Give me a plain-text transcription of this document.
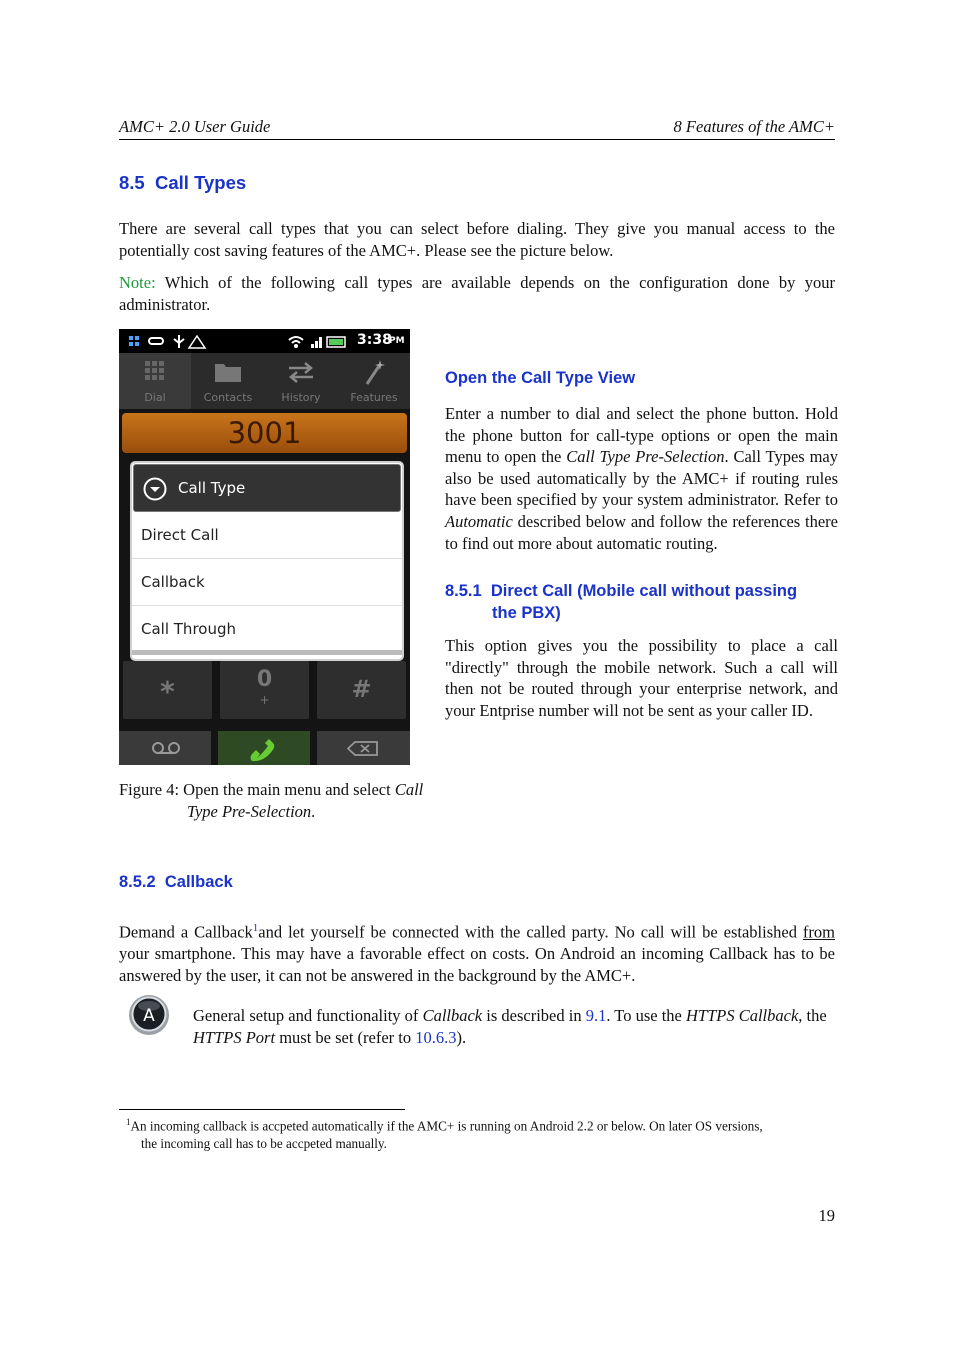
AMC+ 2.0 User Guide	8 Features of the AMC+
8.5 Call Types
There are several call types that you can select before dialing. They give you manual access to the potentially cost saving features of the AMC+. Please see the picture below.
Note: Which of the following call types are available depends on the configuration done by your administrator.
3:38
PM
Dial	Contacts	History	Features
3001
Call Type
Direct Call
Callback
Call Through
*	0
+	#
Figure 4: Open the main menu and select Call
Type Pre-Selection.
Open the Call Type View
Enter a number to dial and select the phone button. Hold the phone button for call-type options or open the main menu to open the Call Type Pre-Selection. Call Types may also be used automatically by the AMC+ if routing rules have been specified by your system administrator. Refer to Automatic described below and follow the references there to find out more about automatic routing.
8.5.1 Direct Call (Mobile call without passing
the PBX)
This option gives you the possibility to place a call "directly" through the mobile network. Such a call will then not be routed through your enterprise network, and your Entprise number will not be sent as your caller ID.
8.5.2 Callback
Demand a Callback$^1$and let yourself be connected with the called party. No call will be established from your smartphone. This may have a favorable effect on costs. On Android an incoming Callback has to be answered by the user, it can not be answered in the background by the AMC+.
A General setup and functionality of Callback is described in 9.1. To use the HTTPS Callback, the HTTPS Port must be set (refer to 10.6.3).
$^1$An incoming callback is accpeted automatically if the AMC+ is running on Android 2.2 or below. On later OS versions,
the incoming call has to be accpeted manually.
19
